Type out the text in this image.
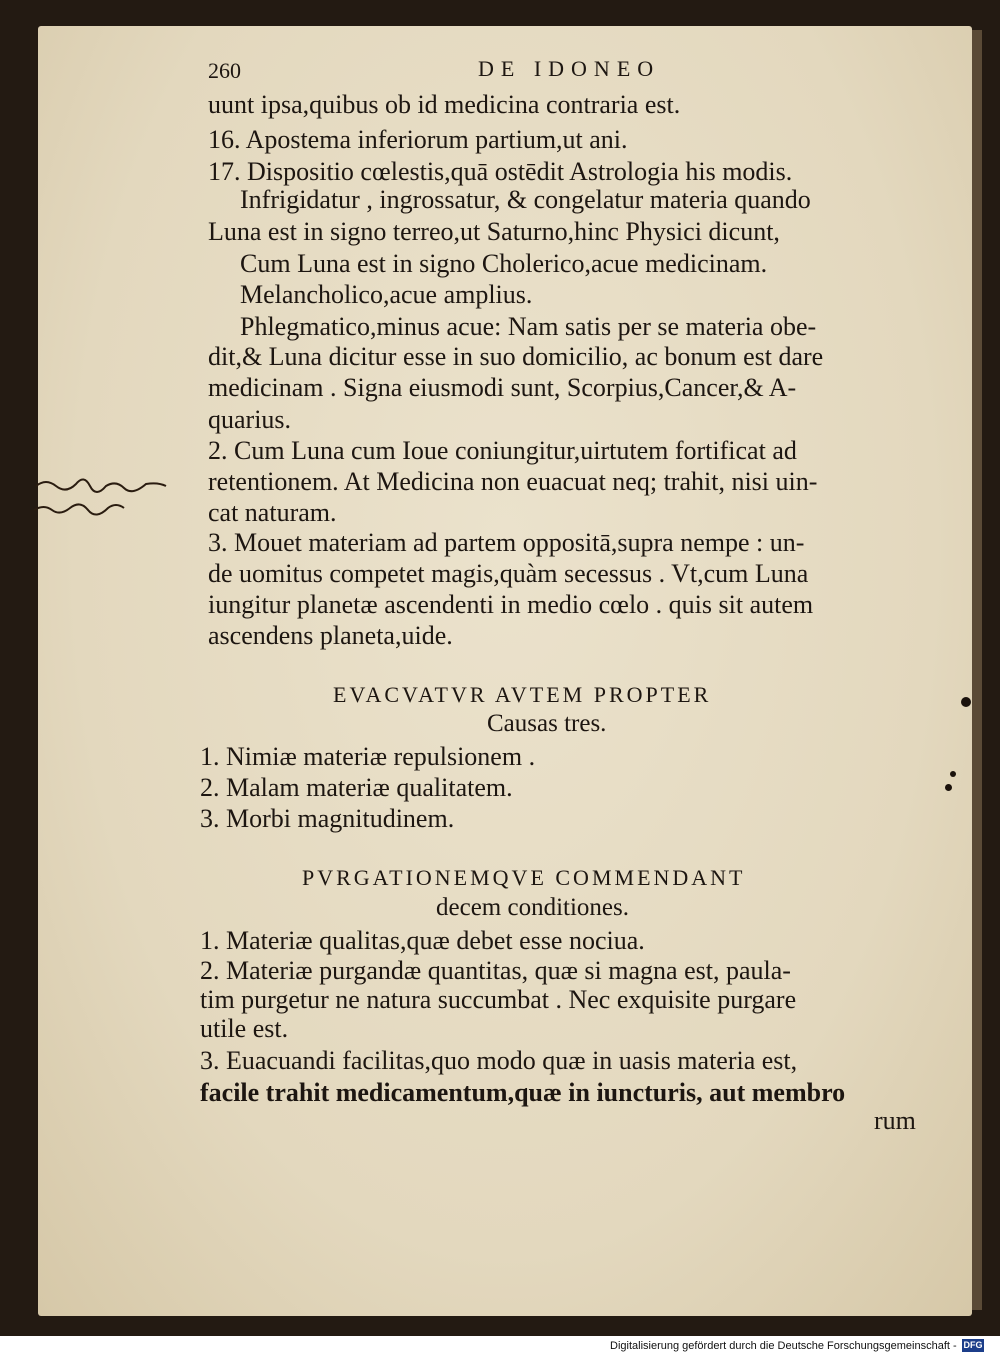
260	DE IDONEO
uunt ipsa,quibus ob id medicina contraria est.
16. Apostema inferiorum partium,ut ani.
17. Dispositio cœlestis,quā ostēdit Astrologia his modis.
Infrigidatur , ingrossatur, & congelatur materia quando
Luna est in signo terreo,ut Saturno,hinc Physici dicunt,
Cum Luna est in signo Cholerico,acue medicinam.
Melancholico,acue amplius.
Phlegmatico,minus acue: Nam satis per se materia obe-
dit,& Luna dicitur esse in suo domicilio, ac bonum est dare
medicinam . Signa eiusmodi sunt, Scorpius,Cancer,& A-
quarius.
2. Cum Luna cum Ioue coniungitur,uirtutem fortificat ad
retentionem. At Medicina non euacuat neq; trahit, nisi uin-
cat naturam.
3. Mouet materiam ad partem oppositā,supra nempe : un-
de uomitus competet magis,quàm secessus . Vt,cum Luna
iungitur planetæ ascendenti in medio cœlo . quis sit autem
ascendens planeta,uide.
EVACVATVR AVTEM PROPTER
Causas tres.
1. Nimiæ materiæ repulsionem .
2. Malam materiæ qualitatem.
3. Morbi magnitudinem.
PVRGATIONEMQVE COMMENDANT
decem conditiones.
1. Materiæ qualitas,quæ debet esse nociua.
2. Materiæ purgandæ quantitas, quæ si magna est, paula-
tim purgetur ne natura succumbat . Nec exquisite purgare
utile est.
3. Euacuandi facilitas,quo modo quæ in uasis materia est,
facile trahit medicamentum,quæ in iuncturis, aut membro
rum
Digitalisierung gefördert durch die Deutsche Forschungsgemeinschaft - DFG
